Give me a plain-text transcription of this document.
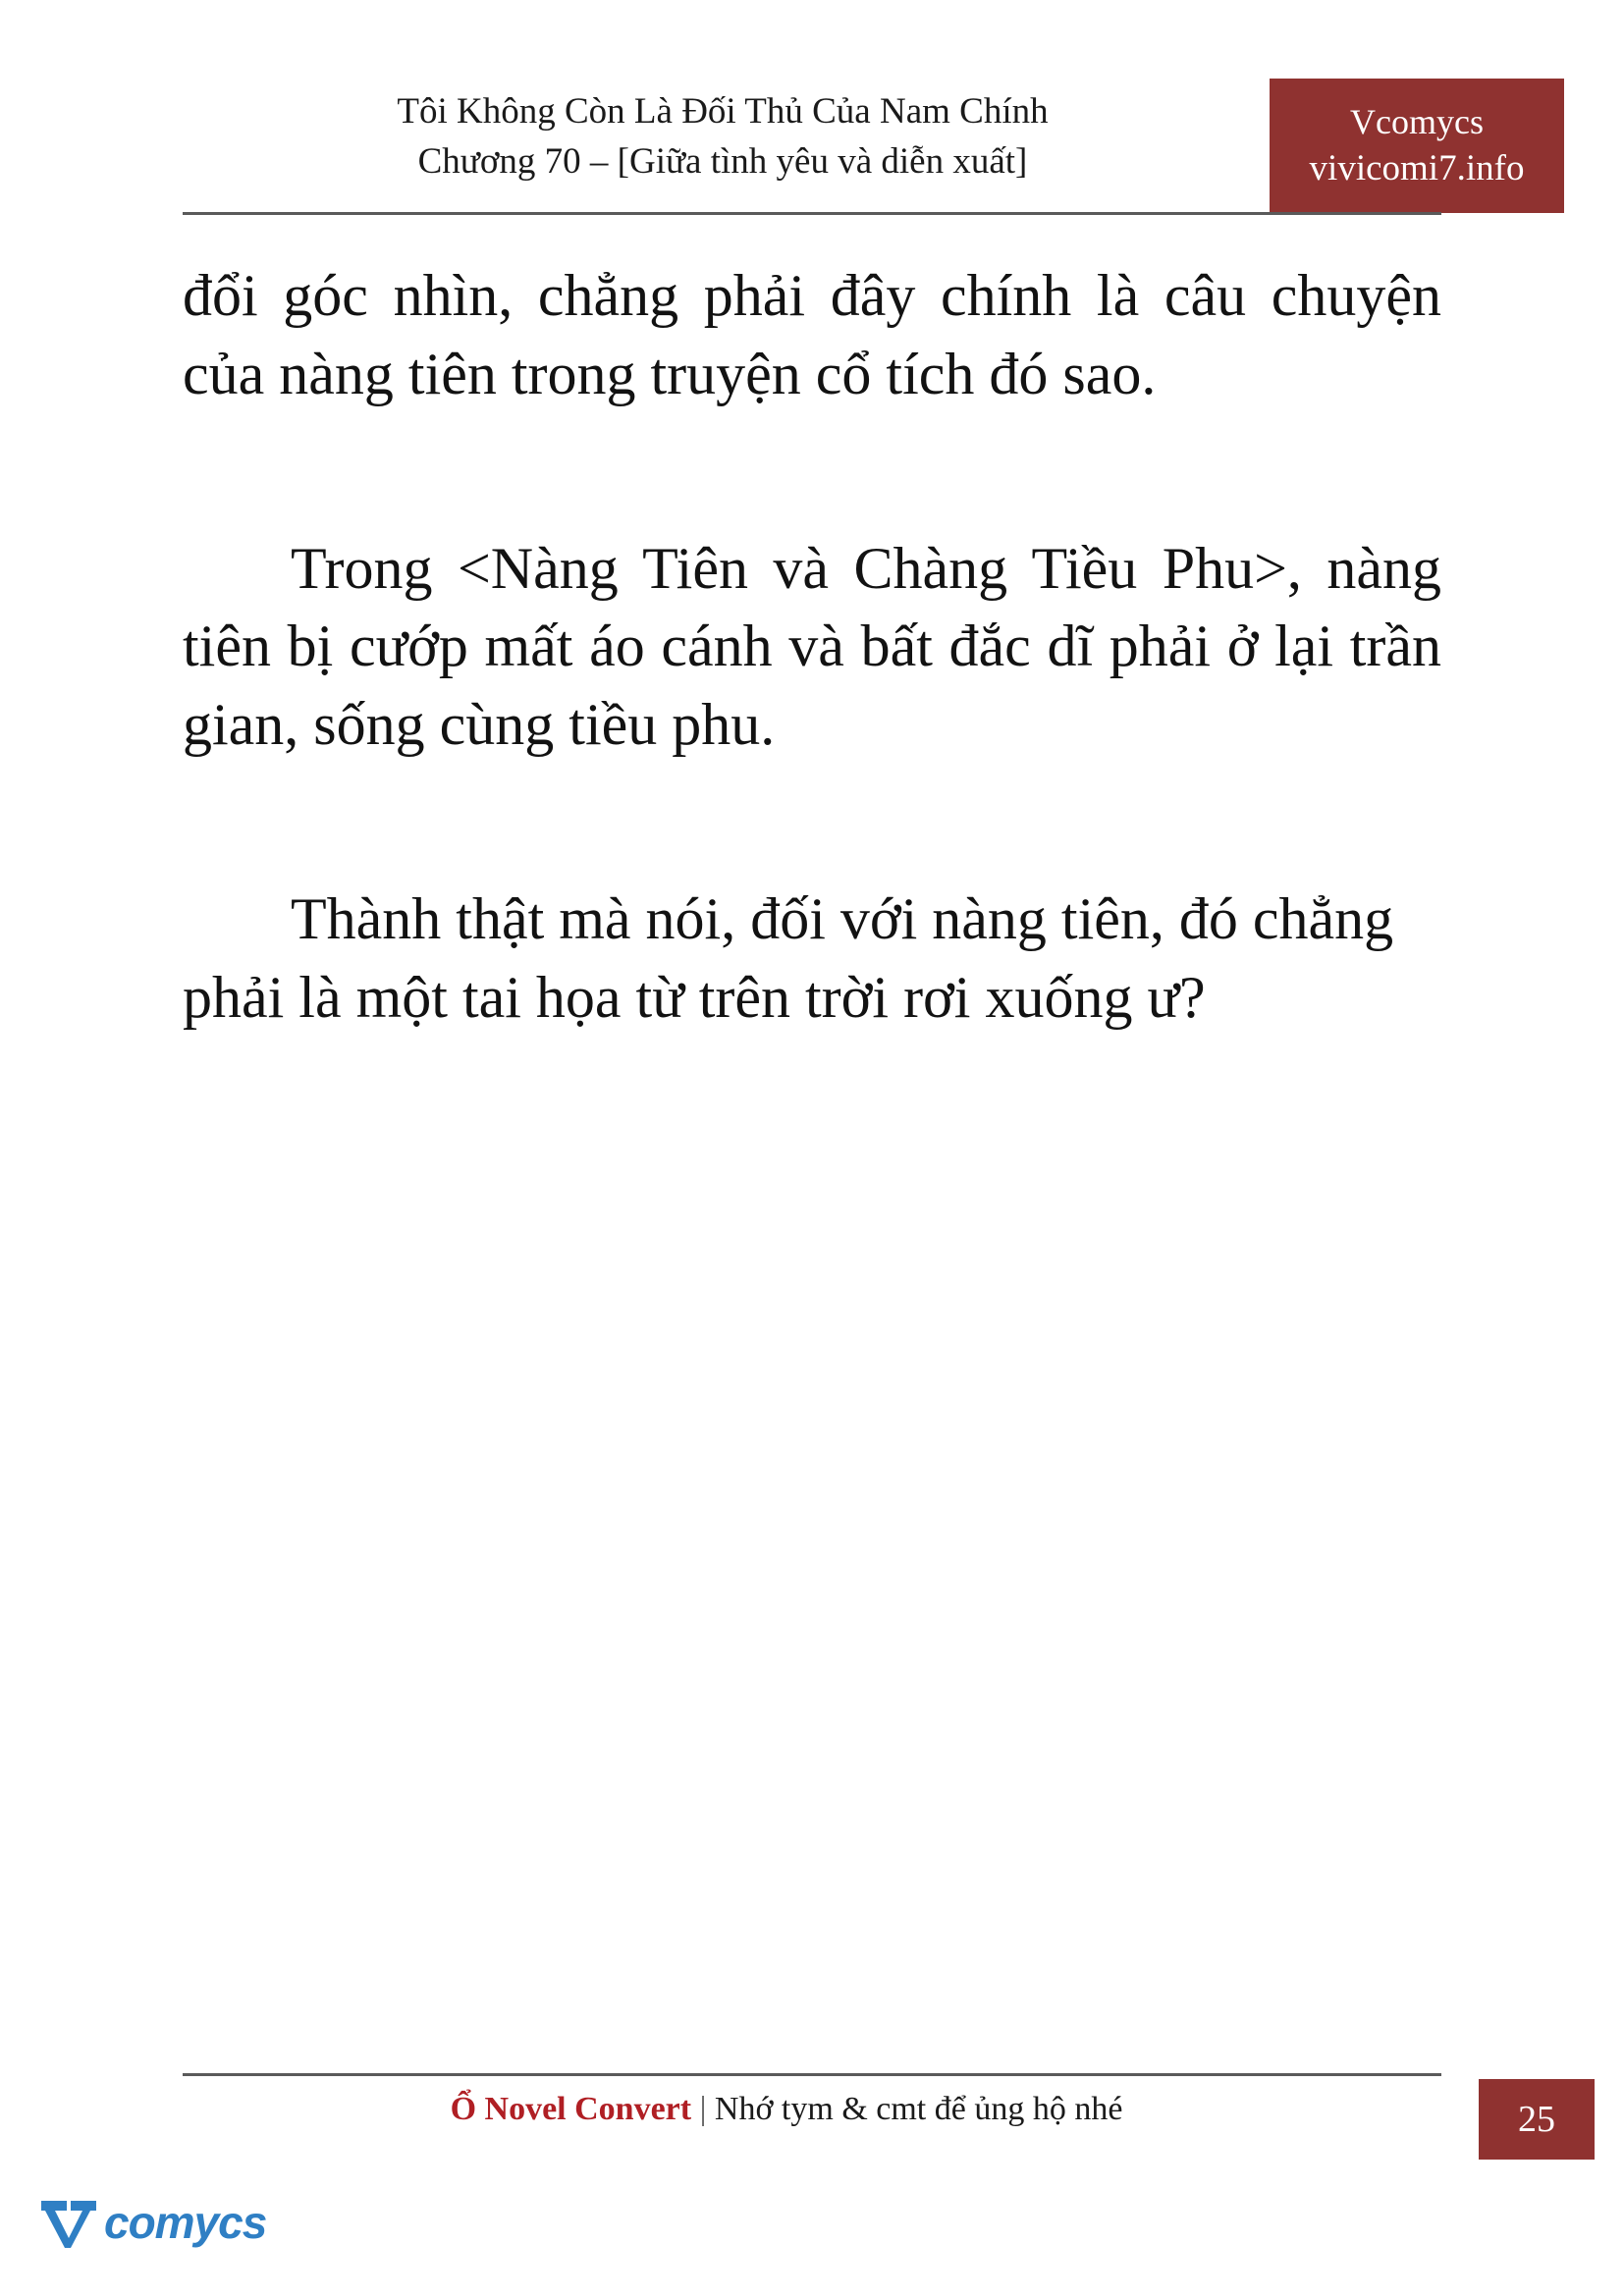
Tôi Không Còn Là Đối Thủ Của Nam Chính
Chương 70 – [Giữa tình yêu và diễn xuất]
Vcomycs
vivicomi7.info

đổi góc nhìn, chẳng phải đây chính là câu chuyện của nàng tiên trong truyện cổ tích đó sao.

Trong <Nàng Tiên và Chàng Tiều Phu>, nàng tiên bị cướp mất áo cánh và bất đắc dĩ phải ở lại trần gian, sống cùng tiều phu.

Thành thật mà nói, đối với nàng tiên, đó chẳng phải là một tai họa từ trên trời rơi xuống ư?

Ổ Novel Convert | Nhớ tym & cmt để ủng hộ nhé	25
comycs
